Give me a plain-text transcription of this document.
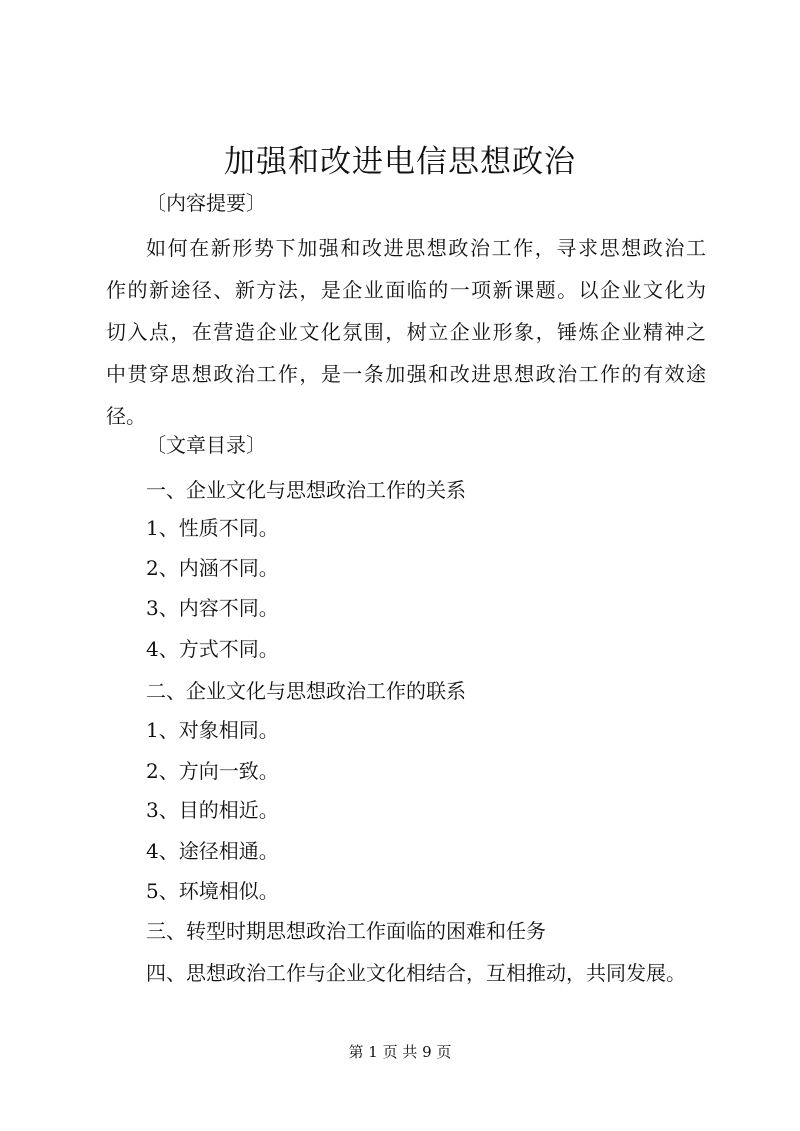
加强和改进电信思想政治

〔内容提要〕

如何在新形势下加强和改进思想政治工作，寻求思想政治工
作的新途径、新方法，是企业面临的一项新课题。以企业文化为
切入点，在营造企业文化氛围，树立企业形象，锤炼企业精神之
中贯穿思想政治工作，是一条加强和改进思想政治工作的有效途
径。

〔文章目录〕

一、企业文化与思想政治工作的关系

1、性质不同。

2、内涵不同。

3、内容不同。

4、方式不同。

二、企业文化与思想政治工作的联系

1、对象相同。

2、方向一致。

3、目的相近。

4、途径相通。

5、环境相似。

三、转型时期思想政治工作面临的困难和任务

四、思想政治工作与企业文化相结合，互相推动，共同发展。

第 1 页 共 9 页
